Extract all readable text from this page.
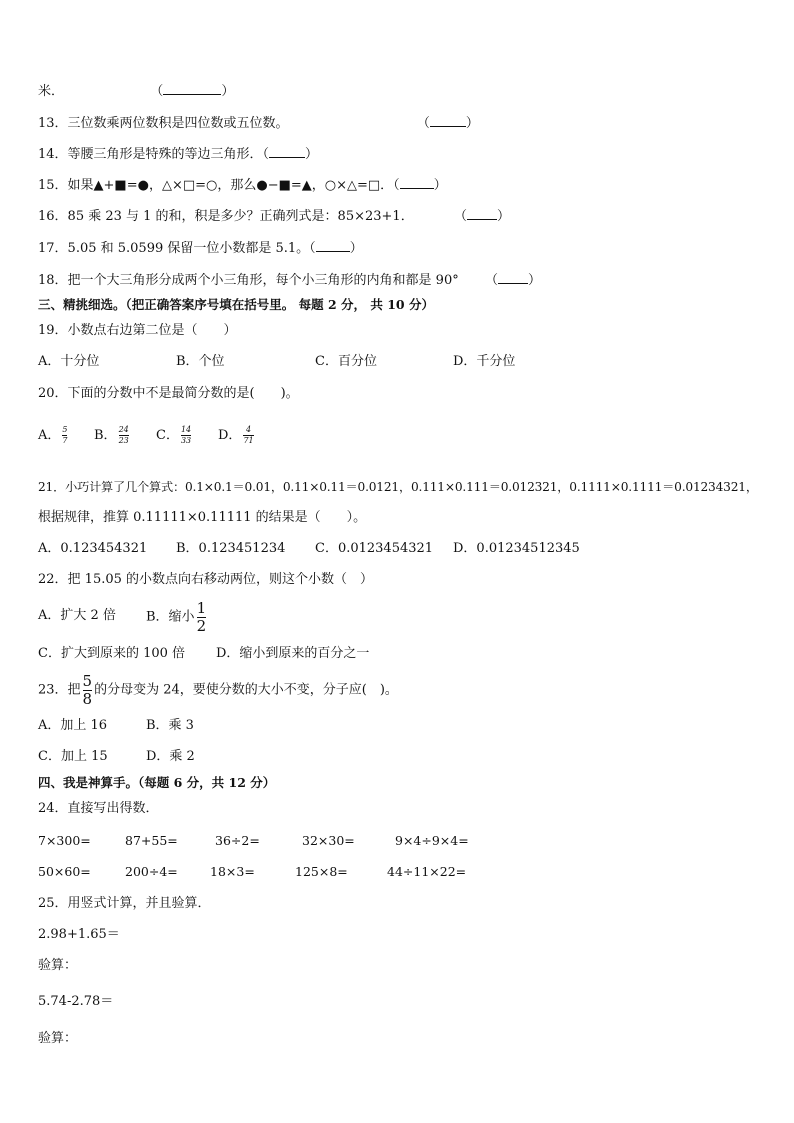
米．	（	）
13．三位数乘两位数积是四位数或五位数。	（	）
14．等腰三角形是特殊的等边三角形．（	）
15．如果▲+■=●，△×□=○，那么●−■=▲，○×△=□．（	）
16．85 乘 23 与 1 的和，积是多少？正确列式是：85×23+1．	（ ）
17．5.05 和 5.0599 保留一位小数都是 5.1。（	）
18．把一个大三角形分成两个小三角形，每个小三角形的内角和都是 90° （ ）
三、精挑细选。（把正确答案序号填在括号里。 每题 2 分， 共 10 分）
19．小数点右边第二位是（　　）
A．十分位	B．个位	C．百分位	D．千分位
20．下面的分数中不是最简分数的是(　　)。
A． $\frac{5}{7}$ B． $\frac{24}{23}$ C． $\frac{14}{33}$ D． $\frac{4}{71}$
21．小巧计算了几个算式：0.1×0.1＝0.01，0.11×0.11＝0.0121，0.111×0.111＝0.012321，0.1111×0.1111＝0.01234321，
根据规律，推算 0.11111×0.11111 的结果是（　　）。
A．0.123454321 B．0.123451234 C．0.0123454321 D．0.01234512345
22．把 15.05 的小数点向右移动两位，则这个小数（　）
A．扩大 2 倍 B．缩小 $\frac{1}{2}$
C．扩大到原来的 100 倍 D．缩小到原来的百分之一
23．把 $\frac{5}{8}$ 的分母变为 24，要使分数的大小不变，分子应(　)。
A．加上 16	B．乘 3
C．加上 15	D．乘 2
四、我是神算手。（每题 6 分，共 12 分）
24．直接写出得数．
7×300=	87+55=	36÷2=	32×30=	9×4÷9×4=
50×60=	200÷4=	18×3=	125×8=	44÷11×22=
25．用竖式计算，并且验算．
2.98+1.65＝
验算：
5.74-2.78＝
验算：
